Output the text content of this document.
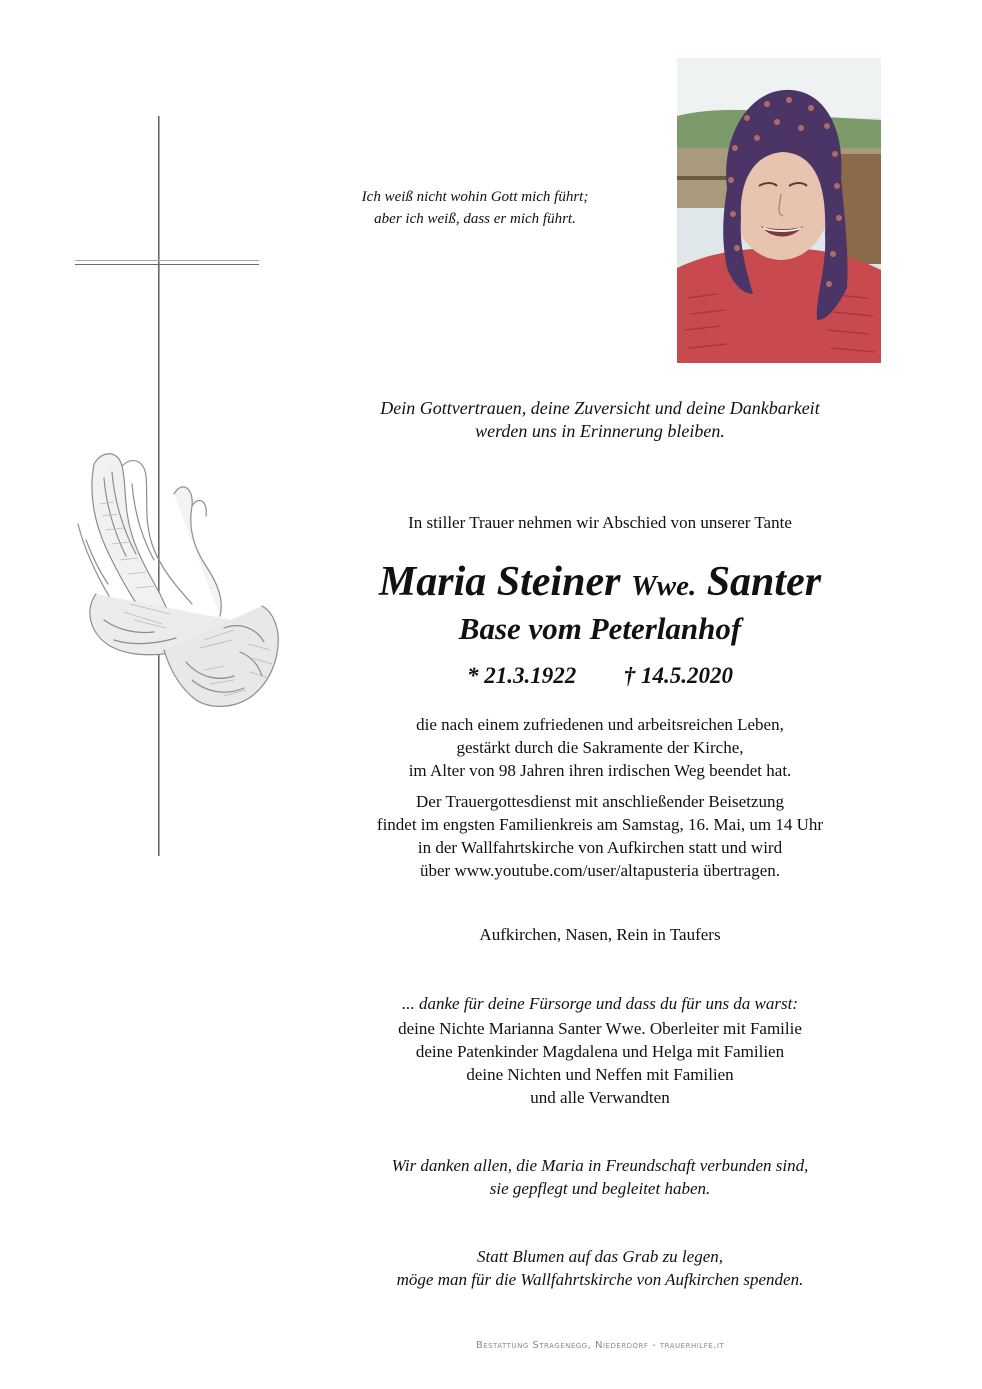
Ich weiß nicht wohin Gott mich führt;
aber ich weiß, dass er mich führt.
Dein Gottvertrauen, deine Zuversicht und deine Dankbarkeit
werden uns in Erinnerung bleiben.
In stiller Trauer nehmen wir Abschied von unserer Tante
Maria Steiner Wwe. Santer
Base vom Peterlanhof
* 21.3.1922 † 14.5.2020
die nach einem zufriedenen und arbeitsreichen Leben,
gestärkt durch die Sakramente der Kirche,
im Alter von 98 Jahren ihren irdischen Weg beendet hat.
Der Trauergottesdienst mit anschließender Beisetzung
findet im engsten Familienkreis am Samstag, 16. Mai, um 14 Uhr
in der Wallfahrtskirche von Aufkirchen statt und wird
über www.youtube.com/user/altapusteria übertragen.
Aufkirchen, Nasen, Rein in Taufers
... danke für deine Fürsorge und dass du für uns da warst:
deine Nichte Marianna Santer Wwe. Oberleiter mit Familie
deine Patenkinder Magdalena und Helga mit Familien
deine Nichten und Neffen mit Familien
und alle Verwandten
Wir danken allen, die Maria in Freundschaft verbunden sind,
sie gepflegt und begleitet haben.
Statt Blumen auf das Grab zu legen,
möge man für die Wallfahrtskirche von Aufkirchen spenden.
Bestattung Stragenegg, Niederdorf - trauerhilfe.it
